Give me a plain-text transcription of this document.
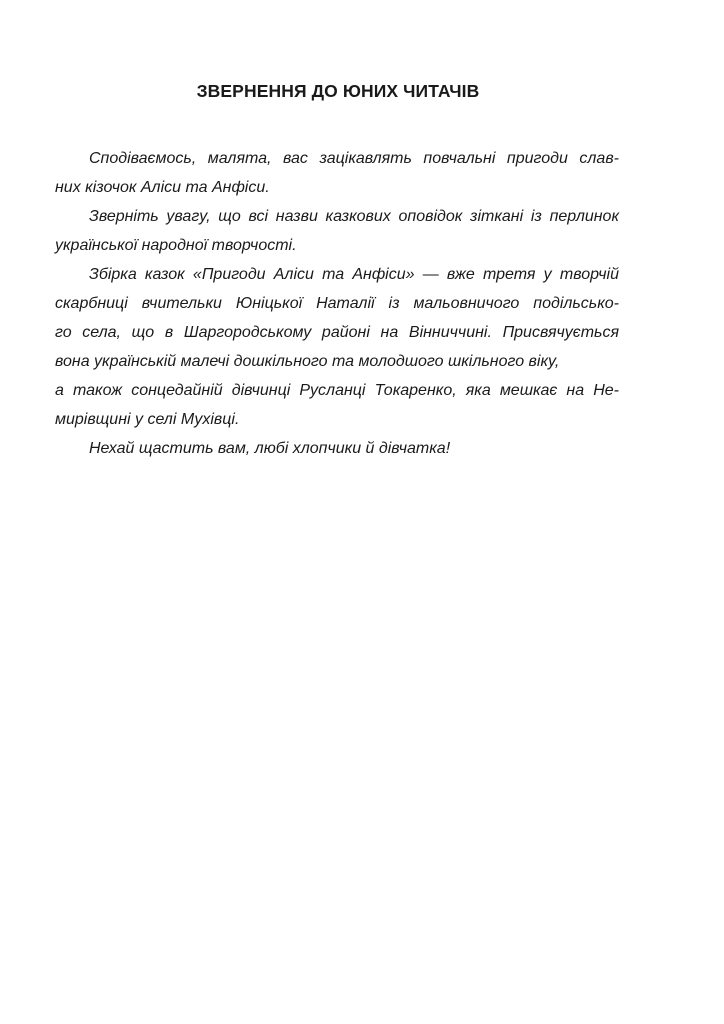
ЗВЕРНЕННЯ ДО ЮНИХ ЧИТАЧІВ
Сподіваємось, малята, вас зацікавлять повчальні пригоди слав-
них кізочок Аліси та Анфіси.
Зверніть увагу, що всі назви казкових оповідок зіткані із перлинок
української народної творчості.
Збірка казок «Пригоди Аліси та Анфіси» — вже третя у творчій
скарбниці вчительки Юніцької Наталії із мальовничого подільсько-
го села, що в Шаргородському районі на Вінниччині. Присвячується
вона українській малечі дошкільного та молодшого шкільного віку,
а також сонцедайній дівчинці Русланці Токаренко, яка мешкає на Не-
мирівщині у селі Мухівці.
Нехай щастить вам, любі хлопчики й дівчатка!
